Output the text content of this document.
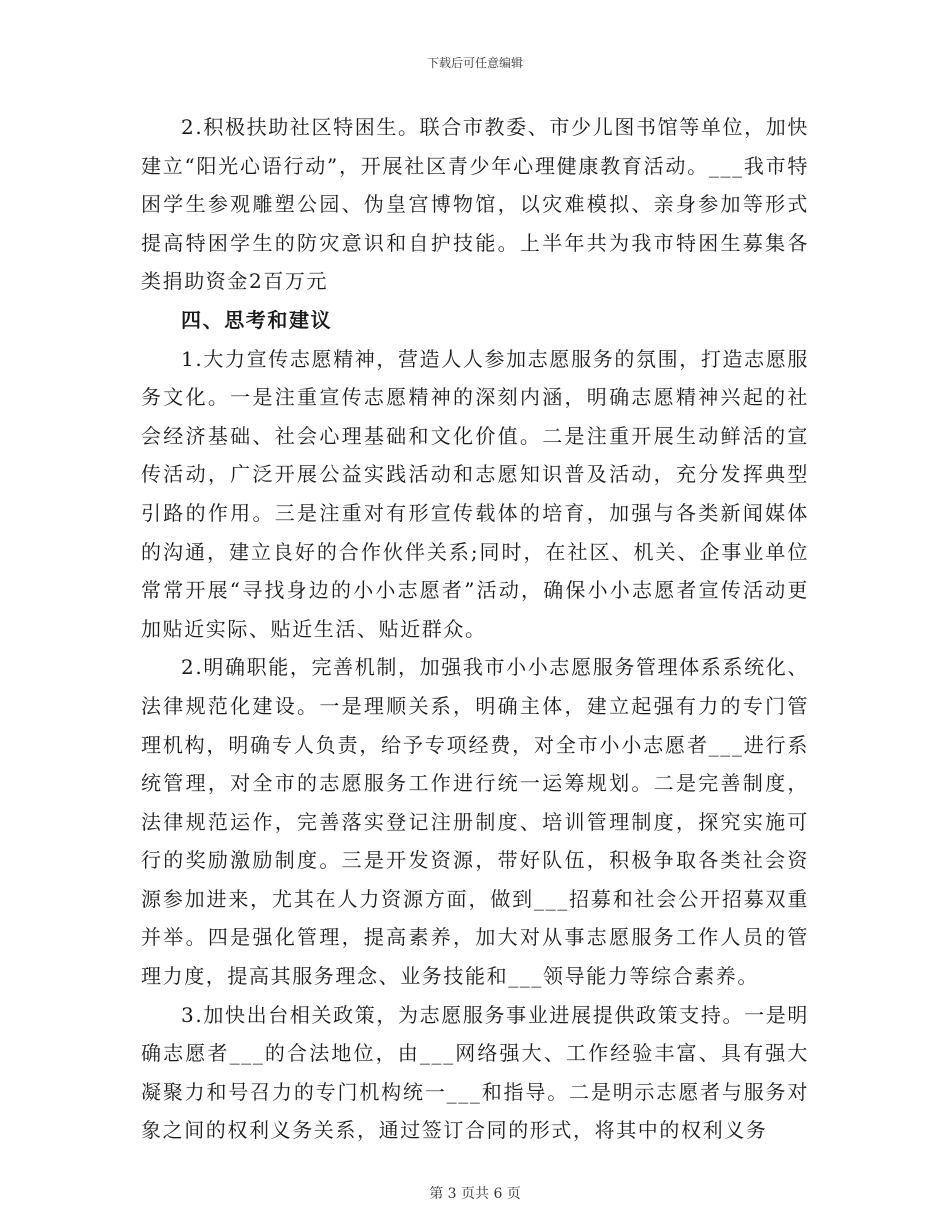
下载后可任意编辑

2.积极扶助社区特困生。联合市教委、市少儿图书馆等单位，加快建立“阳光心语行动”，开展社区青少年心理健康教育活动。___我市特困学生参观雕塑公园、伪皇宫博物馆，以灾难模拟、亲身参加等形式提高特困学生的防灾意识和自护技能。上半年共为我市特困生募集各类捐助资金2百万元

四、思考和建议

1.大力宣传志愿精神，营造人人参加志愿服务的氛围，打造志愿服务文化。一是注重宣传志愿精神的深刻内涵，明确志愿精神兴起的社会经济基础、社会心理基础和文化价值。二是注重开展生动鲜活的宣传活动，广泛开展公益实践活动和志愿知识普及活动，充分发挥典型引路的作用。三是注重对有形宣传载体的培育，加强与各类新闻媒体的沟通，建立良好的合作伙伴关系;同时，在社区、机关、企事业单位常常开展“寻找身边的小小志愿者”活动，确保小小志愿者宣传活动更加贴近实际、贴近生活、贴近群众。

2.明确职能，完善机制，加强我市小小志愿服务管理体系系统化、法律规范化建设。一是理顺关系，明确主体，建立起强有力的专门管理机构，明确专人负责，给予专项经费，对全市小小志愿者___进行系统管理，对全市的志愿服务工作进行统一运筹规划。二是完善制度，法律规范运作，完善落实登记注册制度、培训管理制度，探究实施可行的奖励激励制度。三是开发资源，带好队伍，积极争取各类社会资源参加进来，尤其在人力资源方面，做到___招募和社会公开招募双重并举。四是强化管理，提高素养，加大对从事志愿服务工作人员的管理力度，提高其服务理念、业务技能和___领导能力等综合素养。

3.加快出台相关政策，为志愿服务事业进展提供政策支持。一是明确志愿者___的合法地位，由___网络强大、工作经验丰富、具有强大凝聚力和号召力的专门机构统一___和指导。二是明示志愿者与服务对象之间的权利义务关系，通过签订合同的形式，将其中的权利义务

第 3 页共 6 页
